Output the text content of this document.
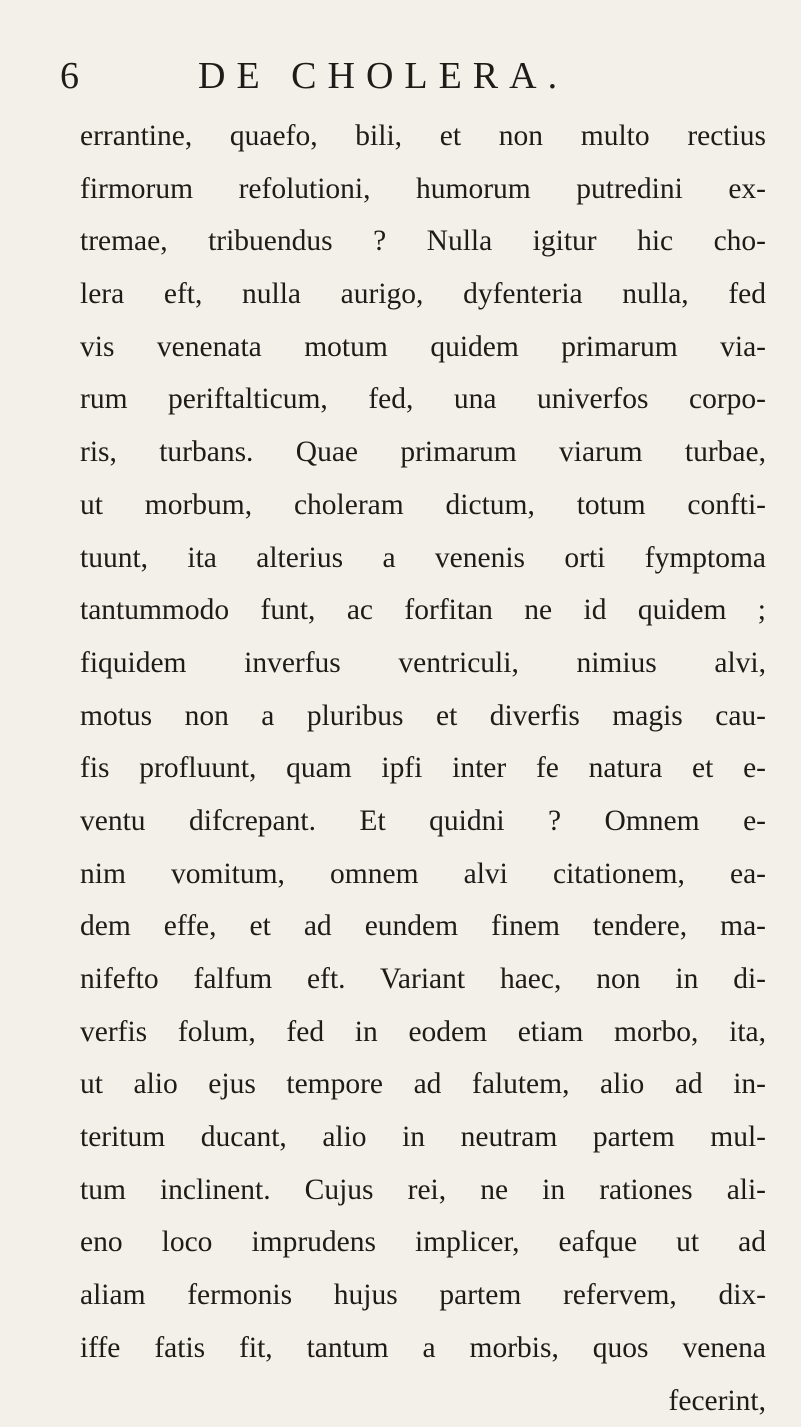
6	DE CHOLERA.
errantine, quaefo, bili, et non multo rectius
firmorum refolutioni, humorum putredini ex-
tremae, tribuendus ? Nulla igitur hic cho-
lera eft, nulla aurigo, dyfenteria nulla, fed
vis venenata motum quidem primarum via-
rum periftalticum, fed, una univerfos corpo-
ris, turbans. Quae primarum viarum turbae,
ut morbum, choleram dictum, totum confti-
tuunt, ita alterius a venenis orti fymptoma
tantummodo funt, ac forfitan ne id quidem ;
fiquidem inverfus ventriculi, nimius alvi,
motus non a pluribus et diverfis magis cau-
fis profluunt, quam ipfi inter fe natura et e-
ventu difcrepant. Et quidni ? Omnem e-
nim vomitum, omnem alvi citationem, ea-
dem effe, et ad eundem finem tendere, ma-
nifefto falfum eft. Variant haec, non in di-
verfis folum, fed in eodem etiam morbo, ita,
ut alio ejus tempore ad falutem, alio ad in-
teritum ducant, alio in neutram partem mul-
tum inclinent. Cujus rei, ne in rationes ali-
eno loco imprudens implicer, eafque ut ad
aliam fermonis hujus partem refervem, dix-
iffe fatis fit, tantum a morbis, quos venena
fecerint,
